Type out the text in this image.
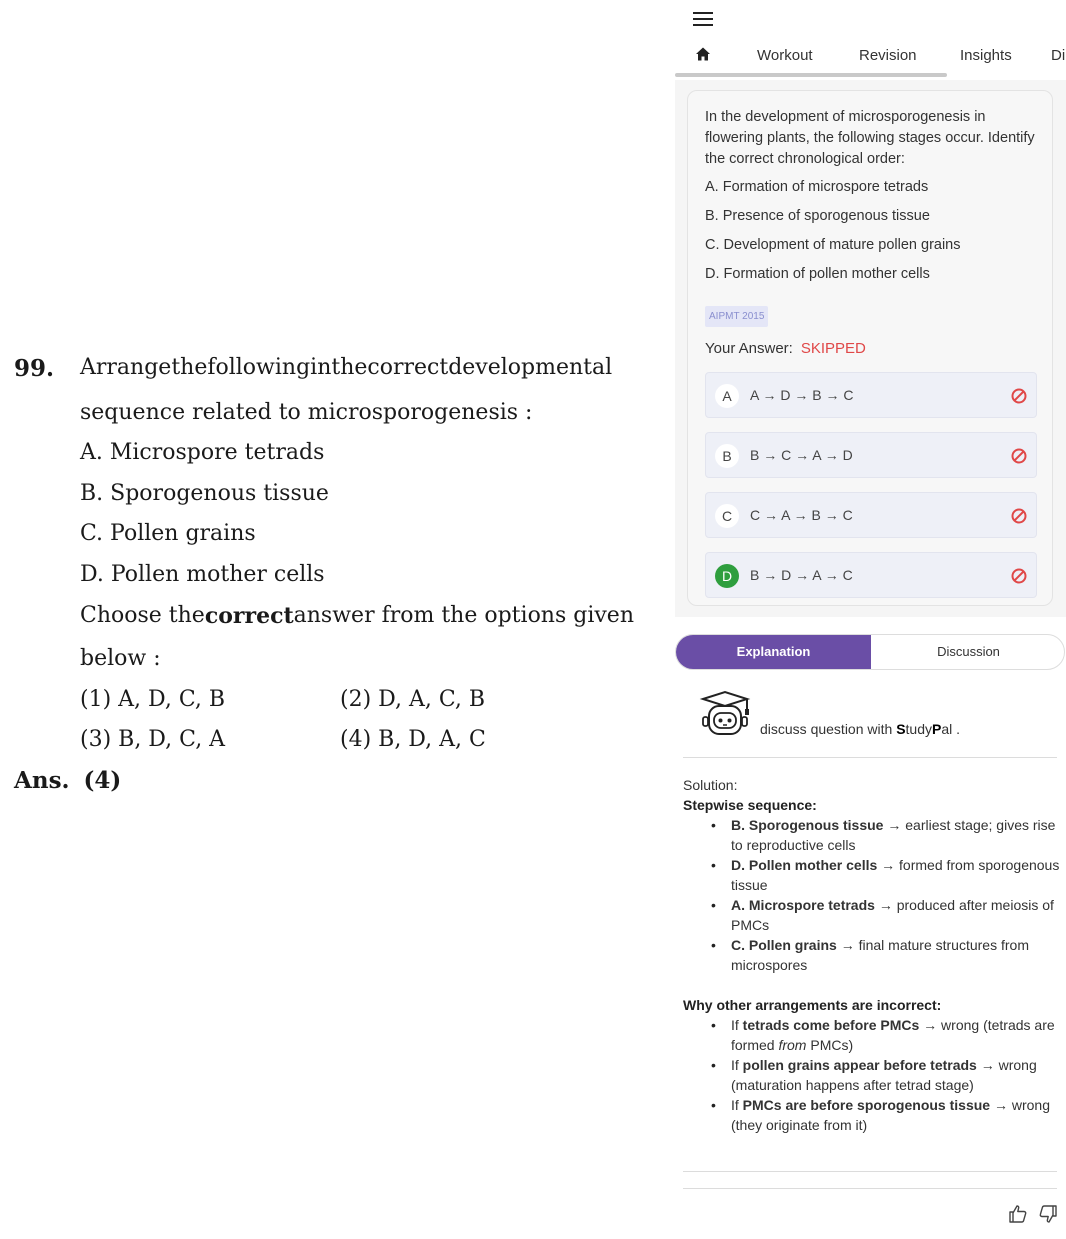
99. Arrange the following in the correct developmental
sequence related to microsporogenesis :
A. Microspore tetrads
B. Sporogenous tissue
C. Pollen grains
D. Pollen mother cells
Choose the correct answer from the options given
below :
(1) A, D, C, B	(2) D, A, C, B
(3) B, D, C, A	(4) B, D, A, C
Ans. (4)
Workout	Revision	Insights	Di
In the development of microsporogenesis in flowering plants, the following stages occur. Identify the correct chronological order:
A. Formation of microspore tetrads
B. Presence of sporogenous tissue
C. Development of mature pollen grains
D. Formation of pollen mother cells
AIPMT 2015
Your Answer: SKIPPED
A	A → D → B → C
B	B → C → A → D
C	C → A → B → C
D	B → D → A → C
Explanation	Discussion
discuss question with StudyPal .
Solution:
Stepwise sequence:
• B. Sporogenous tissue → earliest stage; gives rise to reproductive cells
• D. Pollen mother cells → formed from sporogenous tissue
• A. Microspore tetrads → produced after meiosis of PMCs
• C. Pollen grains → final mature structures from microspores
Why other arrangements are incorrect:
• If tetrads come before PMCs → wrong (tetrads are formed from PMCs)
• If pollen grains appear before tetrads → wrong (maturation happens after tetrad stage)
• If PMCs are before sporogenous tissue → wrong (they originate from it)
